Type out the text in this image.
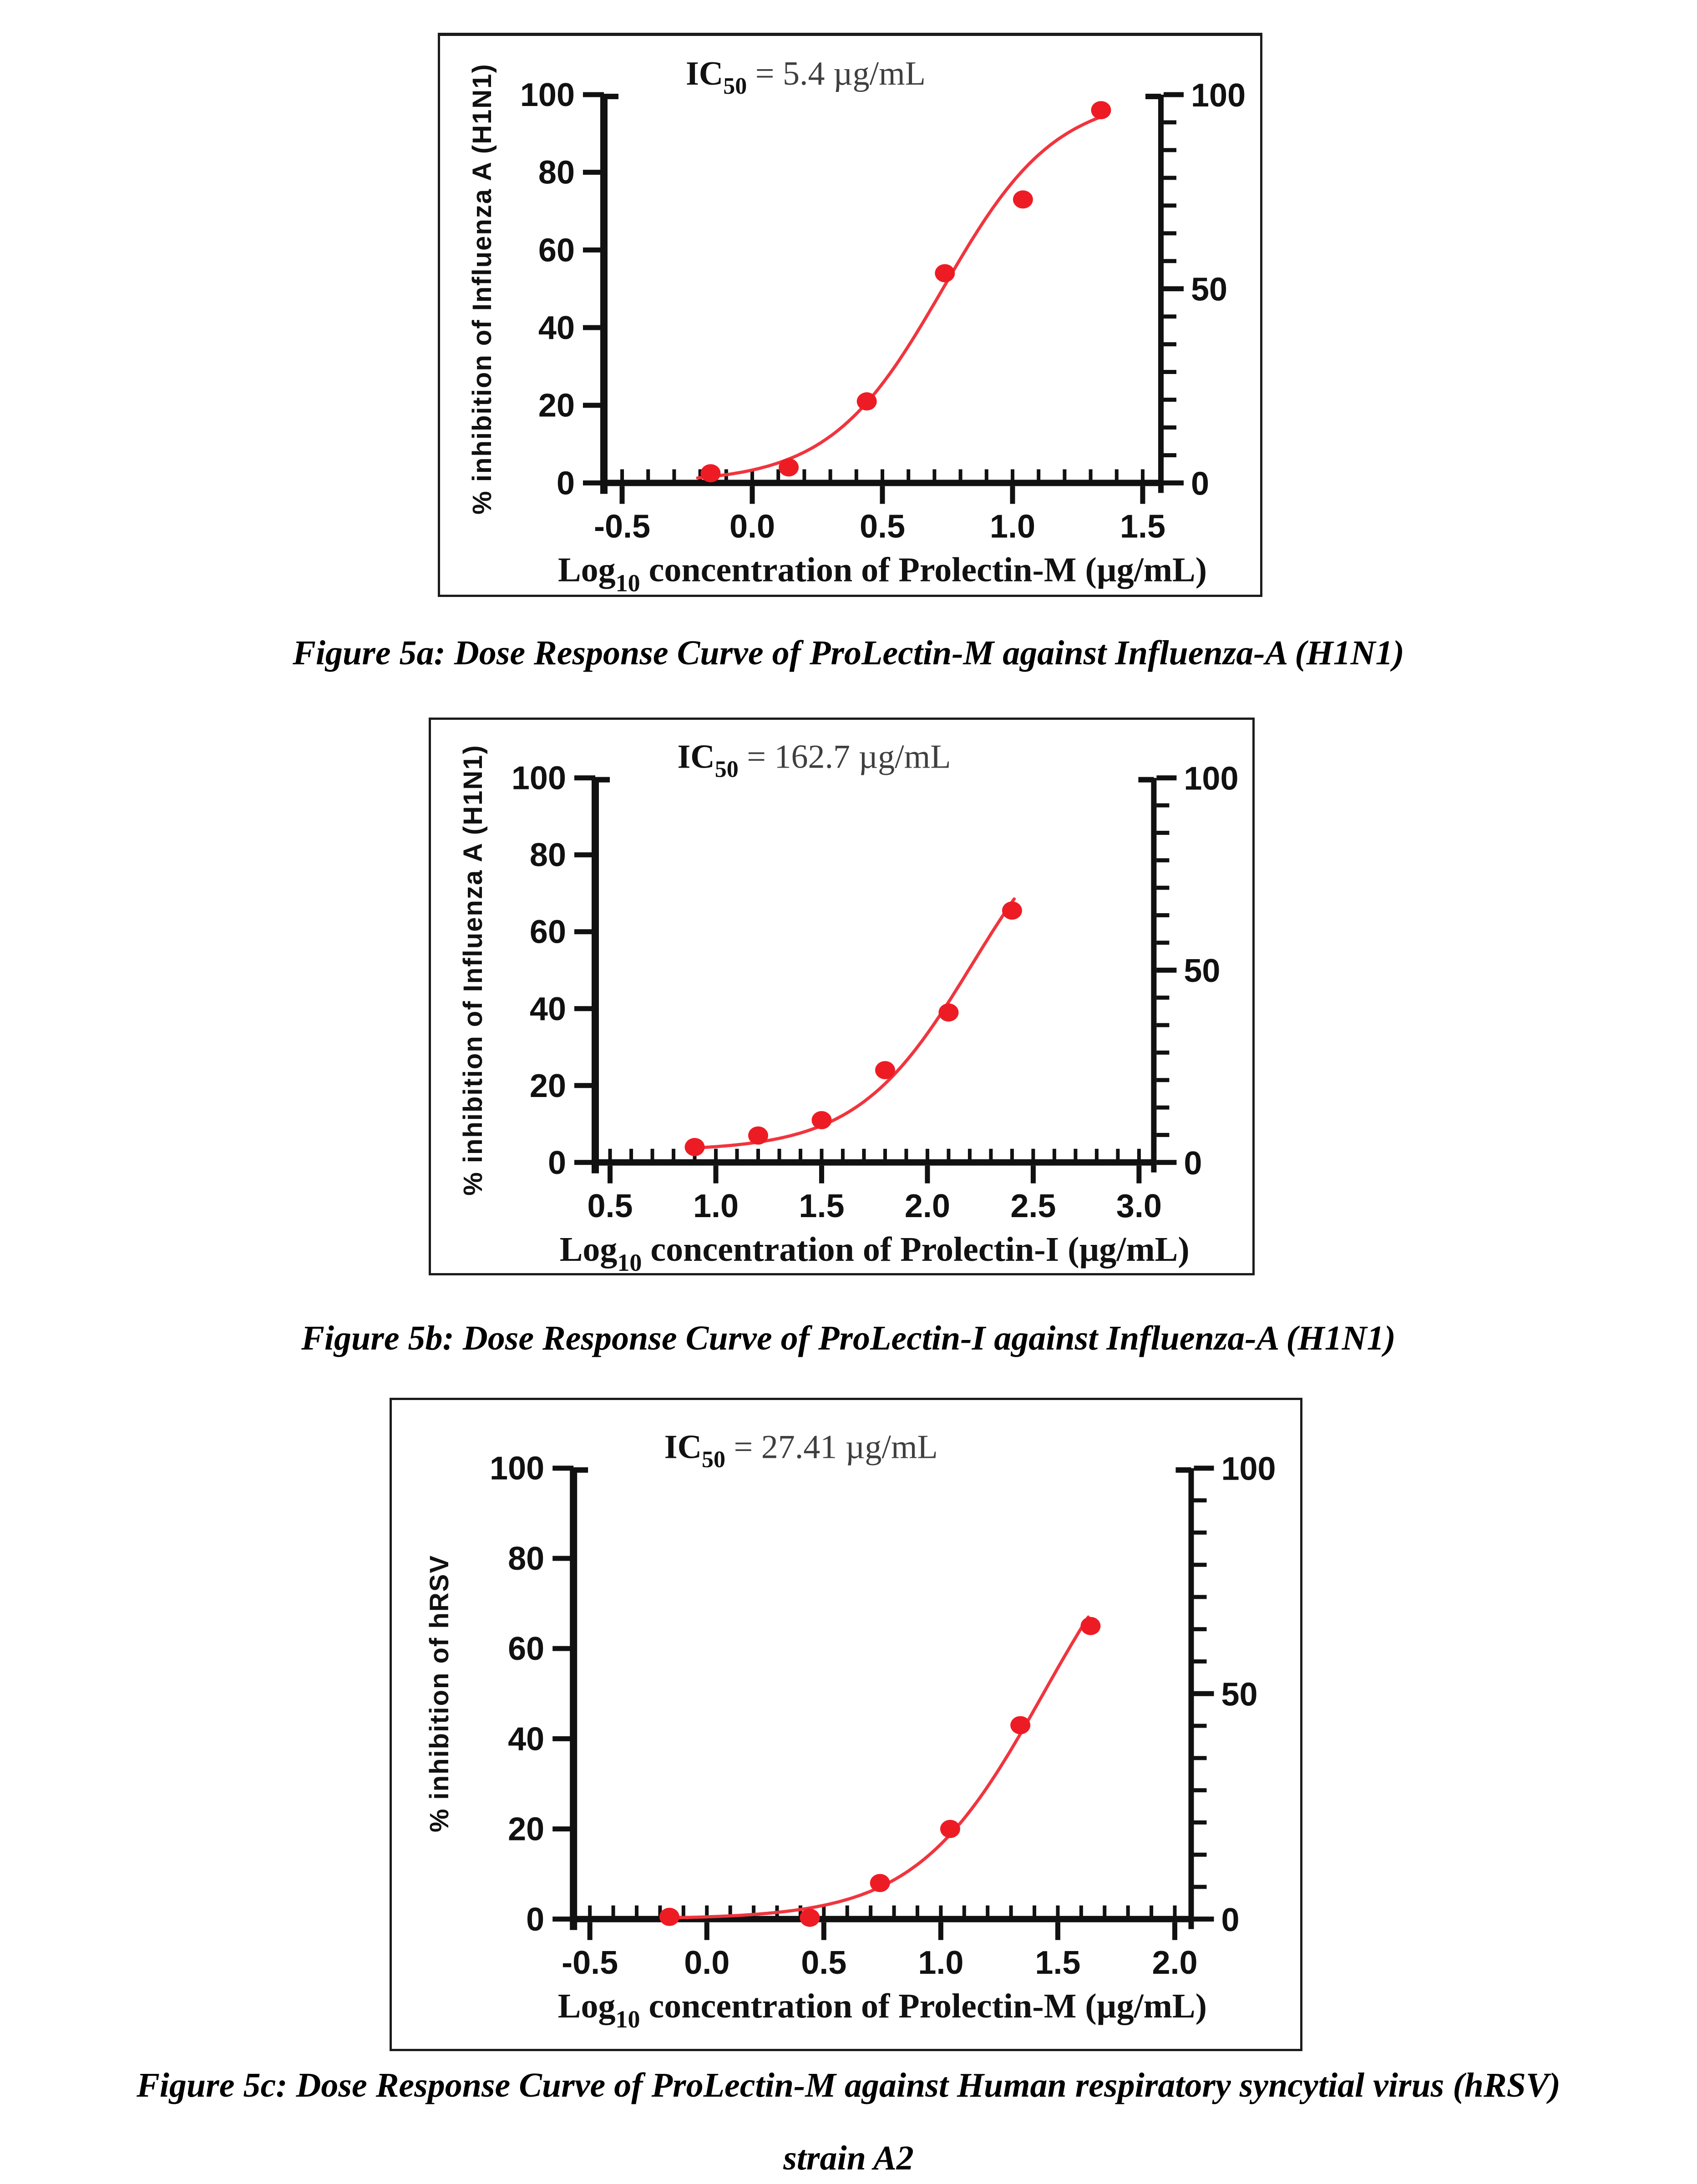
0
20
40
60
80
100
-0.5 0.0	0.5	1.0	1.5
0
50
100
% inhibition of Influenza A (H1N1)
Log$_{10}$ concentration of Prolectin-M (µg/mL)
$IC_{50} = 5.4$ µg/mL
Figure 5a: Dose Response Curve of ProLectin-M against Influenza-A (H1N1)
0
20
40
60
80
100
0.5 1.0 1.5 2.0 2.5 3.0
0
50
100
% inhibition of Influenza A (H1N1)
Log$_{10}$ concentration of Prolectin-I (µg/mL)
$IC_{50} = 162.7$ µg/mL
Figure 5b: Dose Response Curve of ProLectin-I against Influenza-A (H1N1)
0
20
40
60
80
100
-0.5 0.0 0.5 1.0 1.5 2.0
0
50
100
% inhibition of hRSV
Log$_{10}$ concentration of Prolectin-M (µg/mL)
$IC_{50} = 27.41$ µg/mL
Figure 5c: Dose Response Curve of ProLectin-M against Human respiratory syncytial virus (hRSV)
strain A2
